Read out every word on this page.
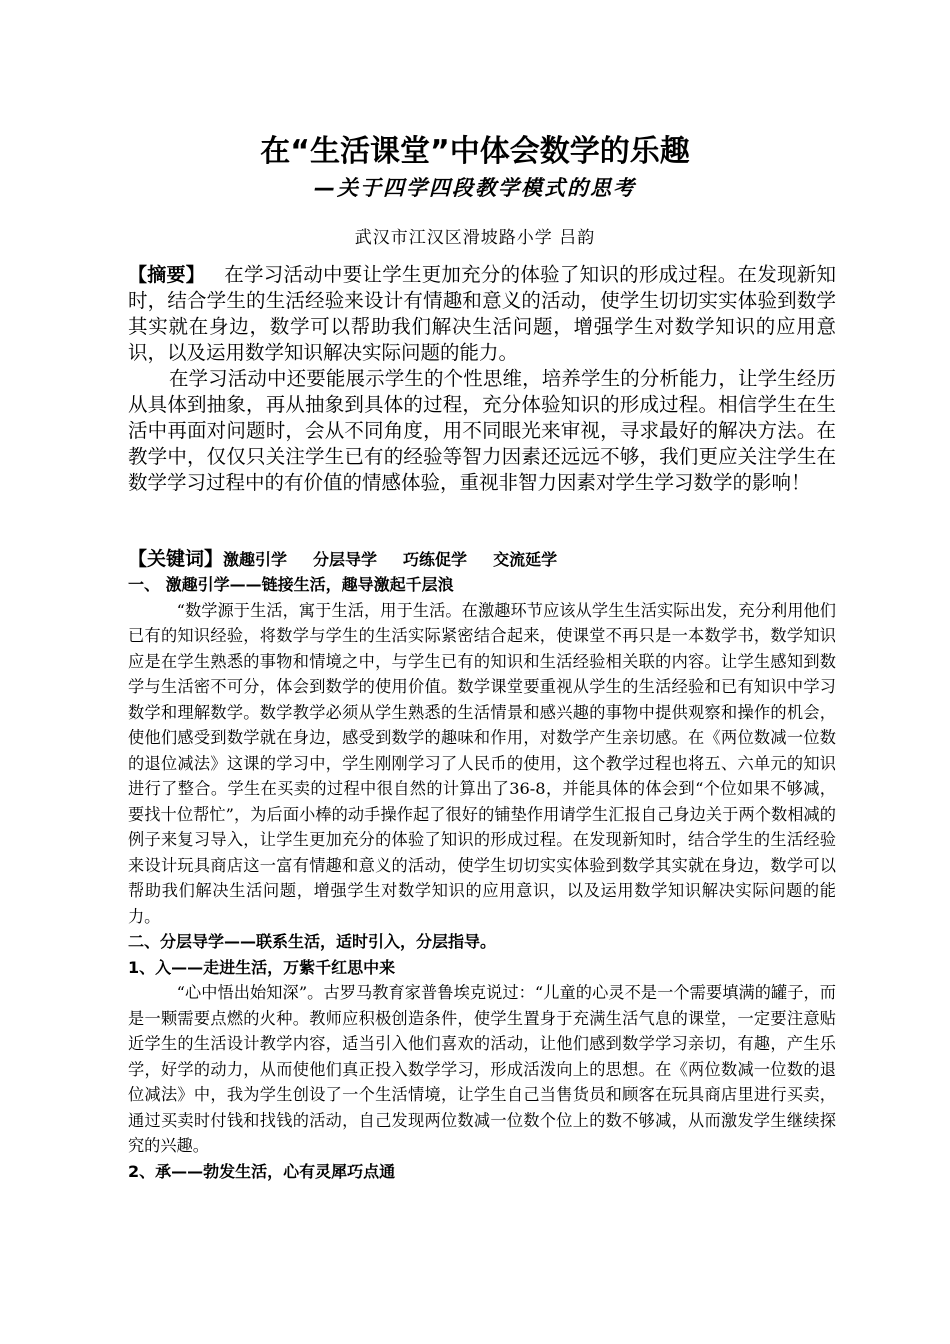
在“生活课堂”中体会数学的乐趣
—关于四学四段教学模式的思考
武汉市江汉区滑坡路小学 吕韵

【摘要】 在学习活动中要让学生更加充分的体验了知识的形成过程。在发现新知时，结合学生的生活经验来设计有情趣和意义的活动，使学生切切实实体验到数学其实就在身边，数学可以帮助我们解决生活问题，增强学生对数学知识的应用意识，以及运用数学知识解决实际问题的能力。

在学习活动中还要能展示学生的个性思维，培养学生的分析能力，让学生经历从具体到抽象，再从抽象到具体的过程，充分体验知识的形成过程。相信学生在生活中再面对问题时，会从不同角度，用不同眼光来审视，寻求最好的解决方法。在教学中，仅仅只关注学生已有的经验等智力因素还远远不够，我们更应关注学生在数学学习过程中的有价值的情感体验，重视非智力因素对学生学习数学的影响！

【关键词】激趣引学 分层导学 巧练促学 交流延学

一、 激趣引学——链接生活，趣导激起千层浪

“数学源于生活，寓于生活，用于生活。在激趣环节应该从学生生活实际出发，充分利用他们已有的知识经验，将数学与学生的生活实际紧密结合起来，使课堂不再只是一本数学书，数学知识应是在学生熟悉的事物和情境之中，与学生已有的知识和生活经验相关联的内容。让学生感知到数学与生活密不可分，体会到数学的使用价值。数学课堂要重视从学生的生活经验和已有知识中学习数学和理解数学。数学教学必须从学生熟悉的生活情景和感兴趣的事物中提供观察和操作的机会，使他们感受到数学就在身边，感受到数学的趣味和作用，对数学产生亲切感。在《两位数减一位数的退位减法》这课的学习中，学生刚刚学习了人民币的使用，这个教学过程也将五、六单元的知识进行了整合。学生在买卖的过程中很自然的计算出了36-8，并能具体的体会到“个位如果不够减，要找十位帮忙”，为后面小棒的动手操作起了很好的铺垫作用请学生汇报自己身边关于两个数相减的例子来复习导入，让学生更加充分的体验了知识的形成过程。在发现新知时，结合学生的生活经验来设计玩具商店这一富有情趣和意义的活动，使学生切切实实体验到数学其实就在身边，数学可以帮助我们解决生活问题，增强学生对数学知识的应用意识，以及运用数学知识解决实际问题的能力。

二、分层导学——联系生活，适时引入，分层指导。

1、入——走进生活，万紫千红思中来

“心中悟出始知深”。古罗马教育家普鲁埃克说过：“儿童的心灵不是一个需要填满的罐子，而是一颗需要点燃的火种。教师应积极创造条件，使学生置身于充满生活气息的课堂，一定要注意贴近学生的生活设计教学内容，适当引入他们喜欢的活动，让他们感到数学学习亲切，有趣，产生乐学，好学的动力，从而使他们真正投入数学学习，形成活泼向上的思想。在《两位数减一位数的退位减法》中，我为学生创设了一个生活情境，让学生自己当售货员和顾客在玩具商店里进行买卖，通过买卖时付钱和找钱的活动，自己发现两位数减一位数个位上的数不够减，从而激发学生继续探究的兴趣。

2、承——勃发生活，心有灵犀巧点通
